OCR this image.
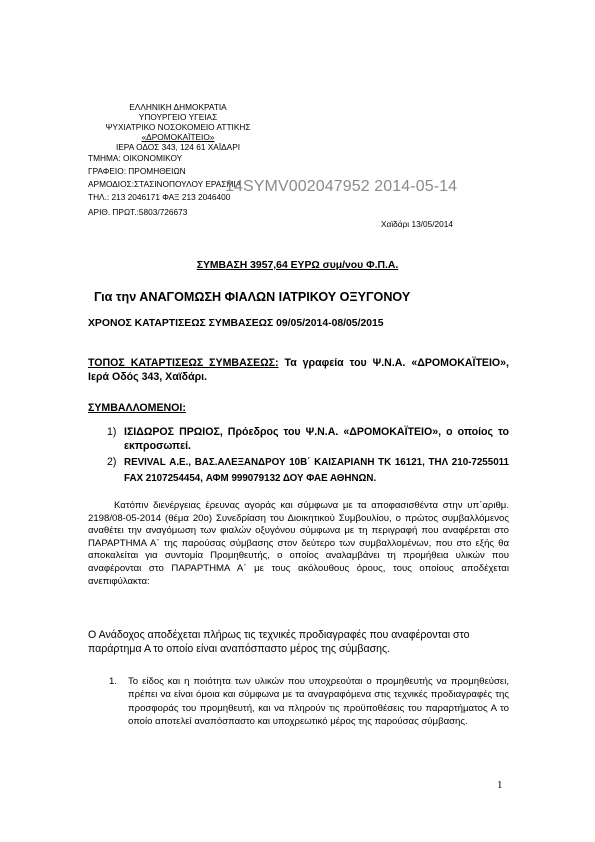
ΕΛΛΗΝΙΚΗ ΔΗΜΟΚΡΑΤΙΑ
ΥΠΟΥΡΓΕΙΟ ΥΓΕΙΑΣ
ΨΥΧΙΑΤΡΙΚΟ ΝΟΣΟΚΟΜΕΙΟ ΑΤΤΙΚΗΣ
«ΔΡΟΜΟΚΑΪΤΕΙΟ»
ΙΕΡΑ ΟΔΟΣ 343, 124 61 ΧΑΪΔΑΡΙ
ΤΜΗΜΑ: ΟΙΚΟΝΟΜΙΚΟΥ
ΓΡΑΦΕΙΟ: ΠΡΟΜΗΘΕΙΩΝ
ΑΡΜΟΔΙΟΣ:ΣΤΑΣΙΝΟΠΟΥΛΟΥ ΕΡΑΣΜΙΑ
ΤΗΛ.: 213 2046171 ΦΑΞ 213 2046400
ΑΡΙΘ. ΠΡΩΤ.:5803/726673
Χαϊδάρι 13/05/2014
14SYMV002047952 2014-05-14
ΣΥΜΒΑΣΗ 3957,64 ΕΥΡΩ συμ/νου Φ.Π.Α.
Για την ΑΝΑΓΟΜΩΣΗ ΦΙΑΛΩΝ ΙΑΤΡΙΚΟΥ ΟΞΥΓΟΝΟΥ
ΧΡΟΝΟΣ ΚΑΤΑΡΤΙΣΕΩΣ ΣΥΜΒΑΣΕΩΣ 09/05/2014-08/05/2015
ΤΟΠΟΣ ΚΑΤΑΡΤΙΣΕΩΣ ΣΥΜΒΑΣΕΩΣ: Τα γραφεία του Ψ.Ν.Α. «ΔΡΟΜΟΚΑΪΤΕΙΟ», Ιερά Οδός 343, Χαϊδάρι.
ΣΥΜΒΑΛΛΟΜΕΝΟΙ:
1) ΙΣΙΔΩΡΟΣ ΠΡΩΙΟΣ, Πρόεδρος του Ψ.Ν.Α. «ΔΡΟΜΟΚΑΪΤΕΙΟ», ο οποίος το εκπροσωπεί.
2) REVIVAL Α.Ε., ΒΑΣ.ΑΛΕΞΑΝΔΡΟΥ 10Β΄ ΚΑΙΣΑΡΙΑΝΗ ΤΚ 16121, ΤΗΛ 210-7255011 FAX 2107254454, ΑΦΜ 999079132 ΔΟΥ ΦΑΕ ΑΘΗΝΩΝ.
Κατόπιν διενέργειας έρευνας αγοράς και σύμφωνα με τα αποφασισθέντα στην υπ΄αριθμ. 2198/08-05-2014 (θέμα 20ο) Συνεδρίαση του Διοικητικού Συμβουλίου, ο πρώτος συμβαλλόμενος αναθέτει την αναγόμωση των φιαλών οξυγόνου σύμφωνα με τη περιγραφή που αναφέρεται στο ΠΑΡΑΡΤΗΜΑ Α΄ της παρούσας σύμβασης στον δεύτερο των συμβαλλομένων, που στο εξής θα αποκαλείται για συντομία Προμηθευτής, ο οποίος αναλαμβάνει τη προμήθεια υλικών που αναφέρονται στο ΠΑΡΑΡΤΗΜΑ Α΄ με τους ακόλουθους όρους, τους οποίους αποδέχεται ανεπιφύλακτα:
Ο Ανάδοχος αποδέχεται πλήρως τις τεχνικές προδιαγραφές που αναφέρονται στο παράρτημα Α το οποίο είναι αναπόσπαστο μέρος της σύμβασης.
1. Το είδος και η ποιότητα των υλικών που υποχρεούται ο προμηθευτής να προμηθεύσει, πρέπει να είναι όμοια και σύμφωνα με τα αναγραφόμενα στις τεχνικές προδιαγραφές της προσφοράς του προμηθευτή, και να πληρούν τις προϋποθέσεις του παραρτήματος Α το οποίο αποτελεί αναπόσπαστο και υποχρεωτικό μέρος της παρούσας σύμβασης.
1
